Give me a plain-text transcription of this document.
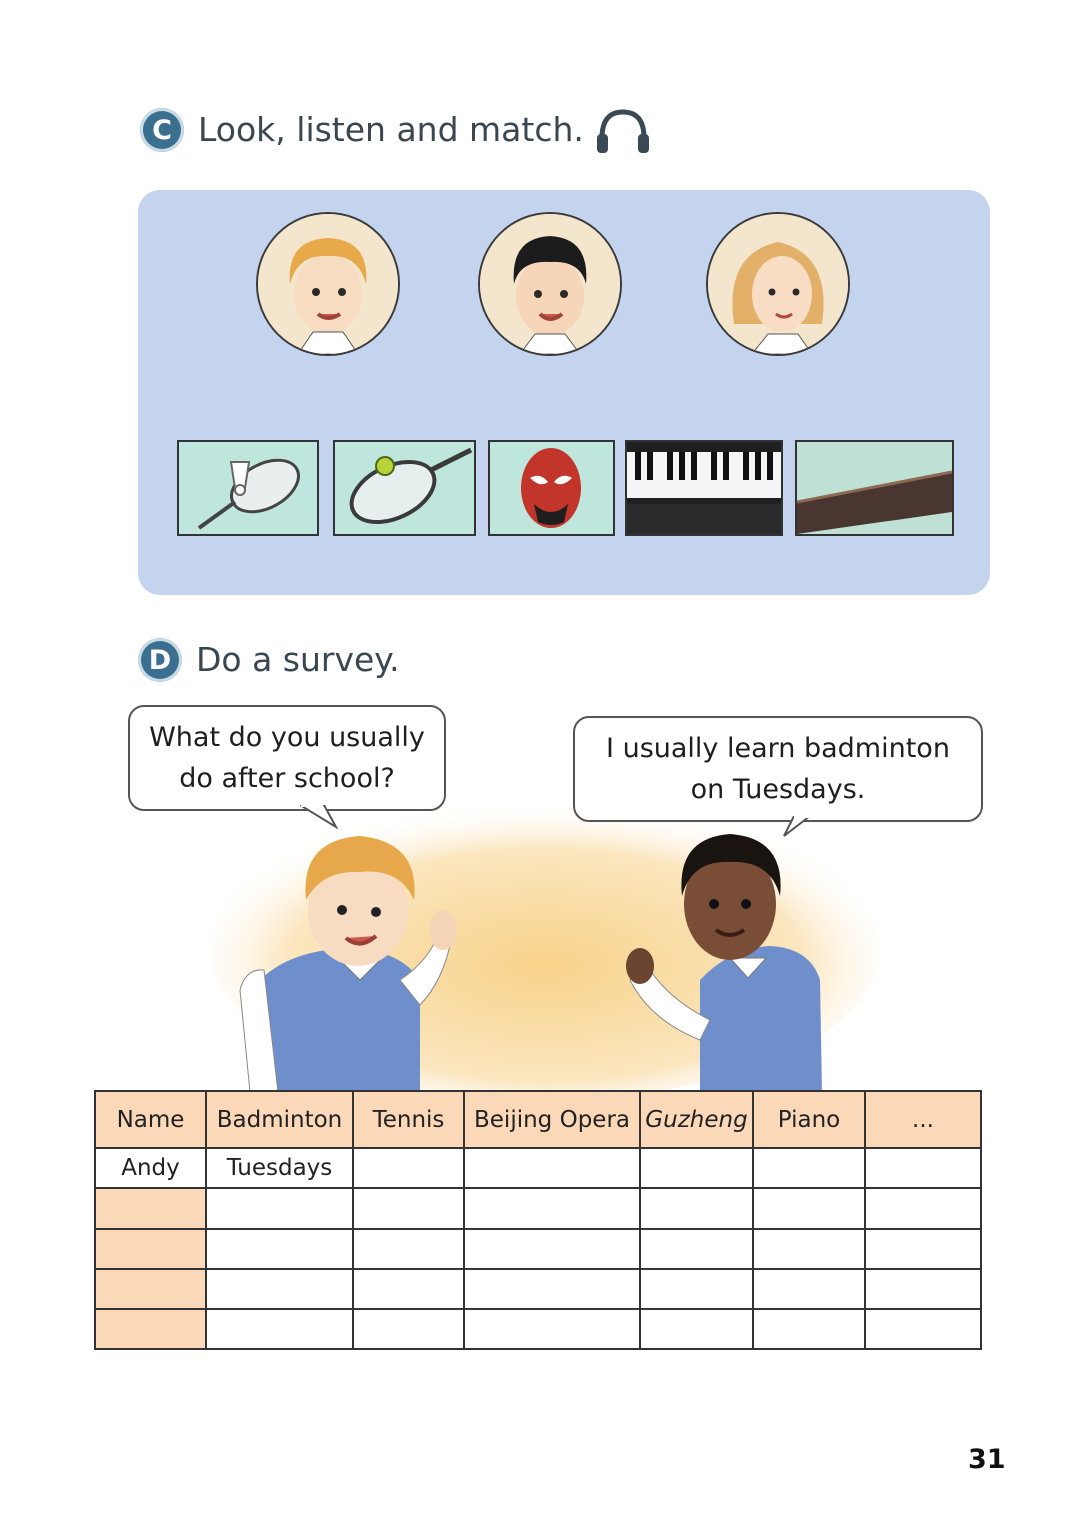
C Look, listen and match.
D Do a survey.
What do you usually
do after school?
I usually learn badminton
on Tuesdays.
Name	Badminton	Tennis	Beijing Opera	Guzheng	Piano	...
Andy	Tuesdays					

31
